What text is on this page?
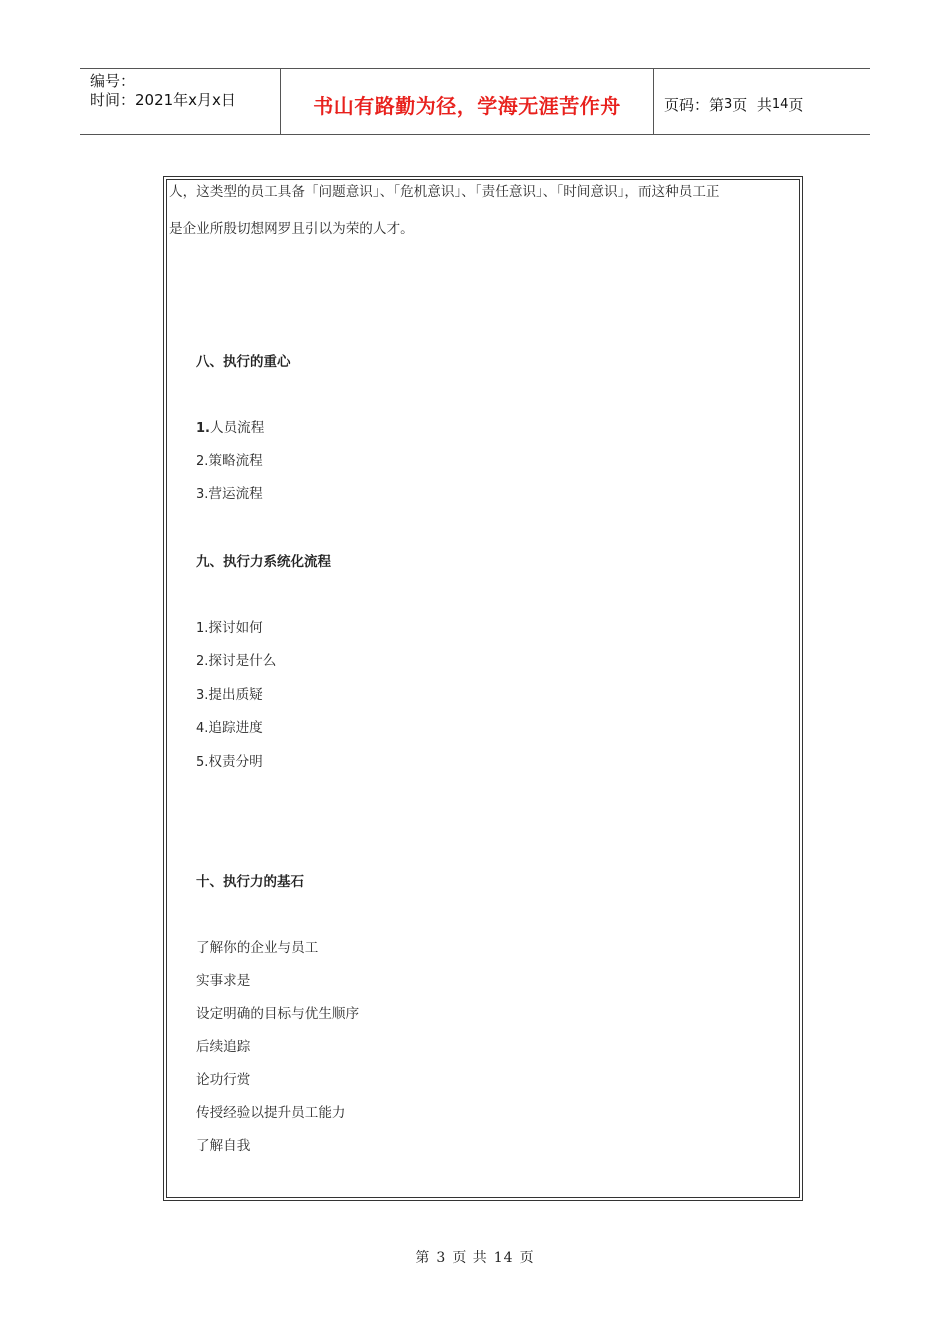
编号：
时间：2021年x月x日	书山有路勤为径，学海无涯苦作舟	页码：第 3 页  共 14 页
人，这类型的员工具备「问题意识」、「危机意识」、「责任意识」、「时间意识」，而这种员工正
是企业所殷切想网罗且引以为荣的人才。
八、执行的重心
1.人员流程
2.策略流程
3.营运流程
九、执行力系统化流程
1.探讨如何
2.探讨是什么
3.提出质疑
4.追踪进度
5.权责分明
十、执行力的基石
了解你的企业与员工
实事求是
设定明确的目标与优生顺序
后续追踪
论功行赏
传授经验以提升员工能力
了解自我
第 3 页 共 14 页
